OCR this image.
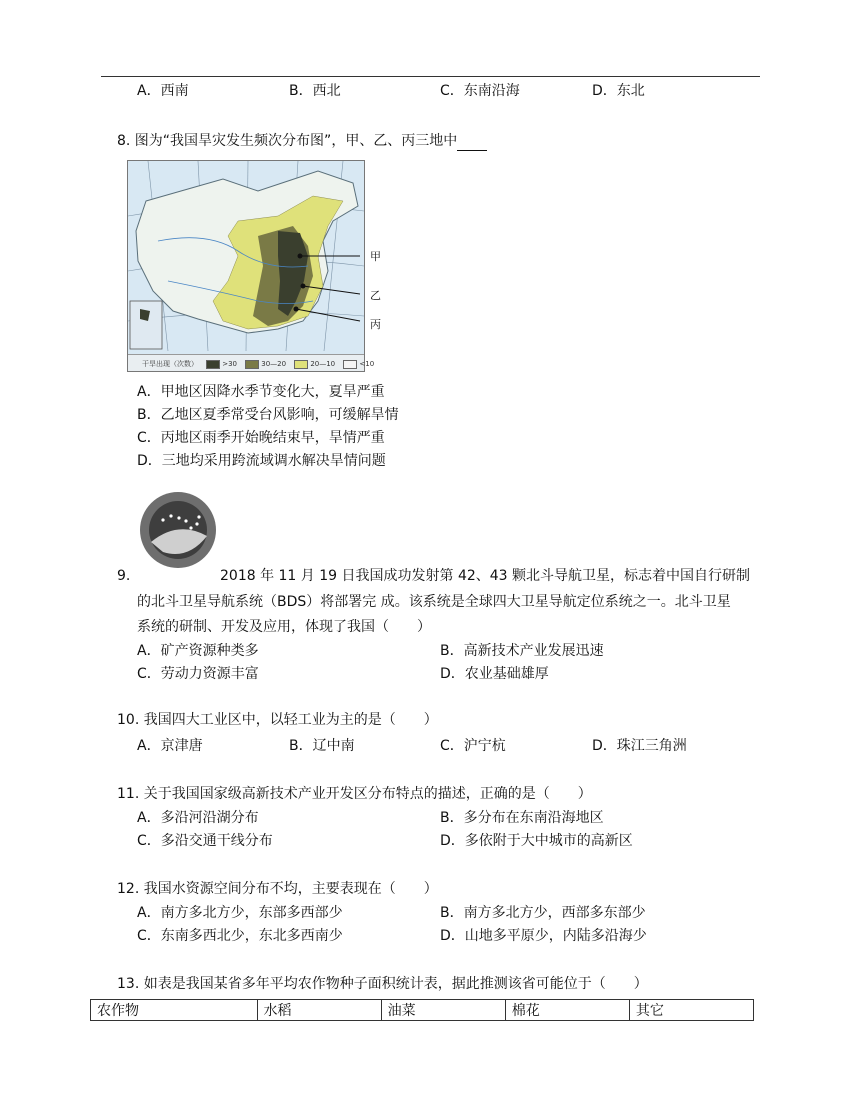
A．西南	B．西北	C．东南沿海	D．东北
8. 图为“我国旱灾发生频次分布图”，甲、乙、丙三地中
干旱出现（次数）	>30	30—20	20—10	<10
甲
乙
丙
A．甲地区因降水季节变化大，夏旱严重
B．乙地区夏季常受台风影响，可缓解旱情
C．丙地区雨季开始晚结束早，旱情严重
D．三地均采用跨流域调水解决旱情问题
9.	2018 年 11 月 19 日我国成功发射第 42、43 颗北斗导航卫星，标志着中国自行研制
的北斗卫星导航系统（BDS）将部署完 成。该系统是全球四大卫星导航定位系统之一。北斗卫星
系统的研制、开发及应用，体现了我国（　　）
A．矿产资源种类多	B．高新技术产业发展迅速
C．劳动力资源丰富	D．农业基础雄厚
10. 我国四大工业区中，以轻工业为主的是（　　）
A．京津唐	B．辽中南	C．沪宁杭	D．珠江三角洲
11. 关于我国国家级高新技术产业开发区分布特点的描述，正确的是（　　）
A．多沿河沿湖分布	B．多分布在东南沿海地区
C．多沿交通干线分布	D．多依附于大中城市的高新区
12. 我国水资源空间分布不均，主要表现在（　　）
A．南方多北方少，东部多西部少	B．南方多北方少，西部多东部少
C．东南多西北少，东北多西南少	D．山地多平原少，内陆多沿海少
13. 如表是我国某省多年平均农作物种子面积统计表，据此推测该省可能位于（　　）
农作物	水稻	油菜	棉花	其它
